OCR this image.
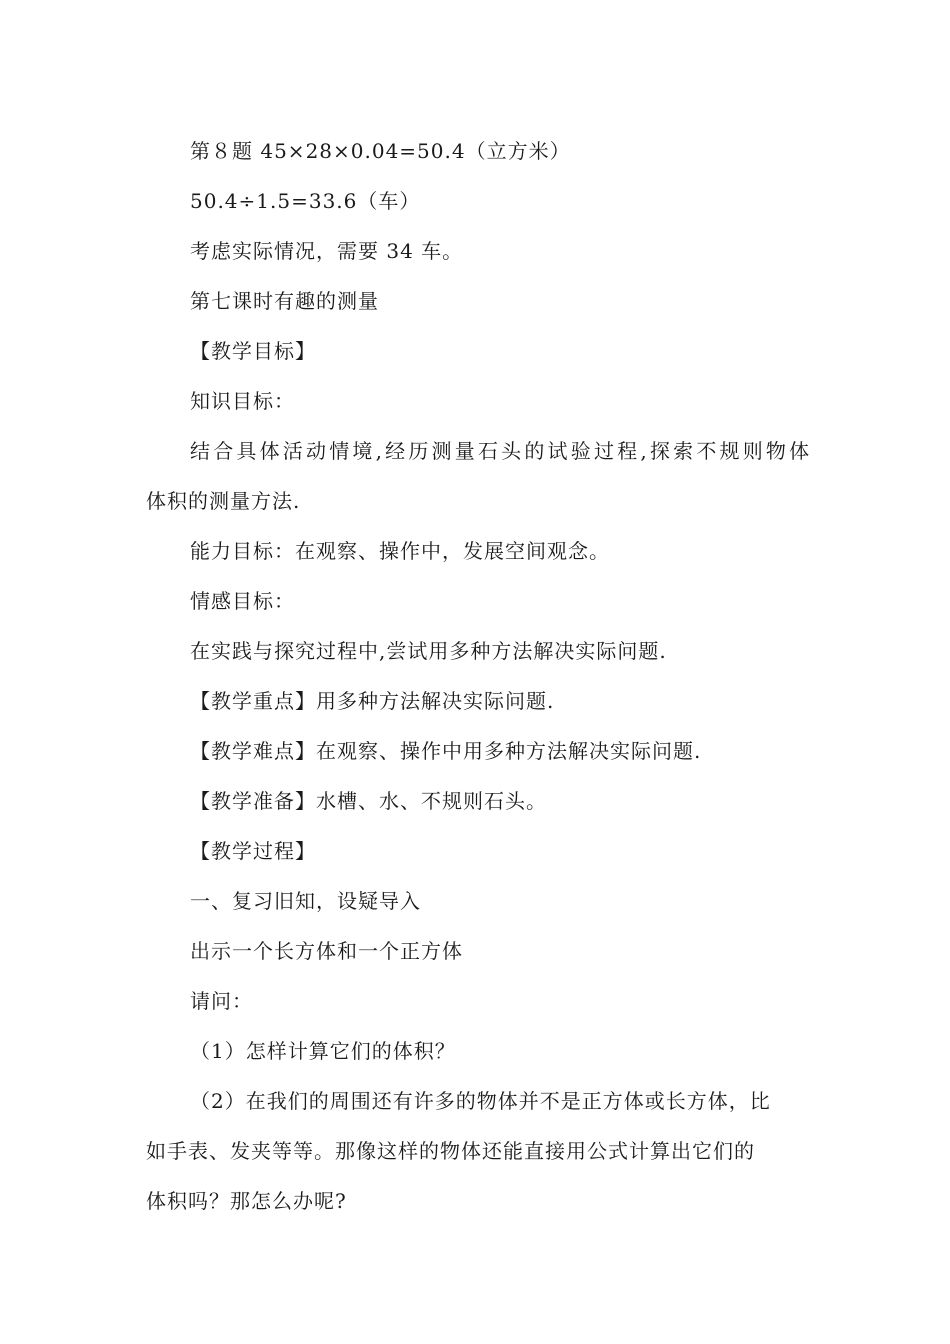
第８题 45×28×0.04=50.4（立方米）
50.4÷1.5=33.6（车）
考虑实际情况，需要 34 车。
第七课时有趣的测量
【教学目标】
知识目标：
结合具体活动情境,经历测量石头的试验过程,探索不规则物体
体积的测量方法.
能力目标：在观察、操作中，发展空间观念。
情感目标：
在实践与探究过程中,尝试用多种方法解决实际问题.
【教学重点】用多种方法解决实际问题.
【教学难点】在观察、操作中用多种方法解决实际问题.
【教学准备】水槽、水、不规则石头。
【教学过程】
一、复习旧知，设疑导入
出示一个长方体和一个正方体
请问：
（1）怎样计算它们的体积？
（2）在我们的周围还有许多的物体并不是正方体或长方体，比
如手表、发夹等等。那像这样的物体还能直接用公式计算出它们的
体积吗？那怎么办呢?
